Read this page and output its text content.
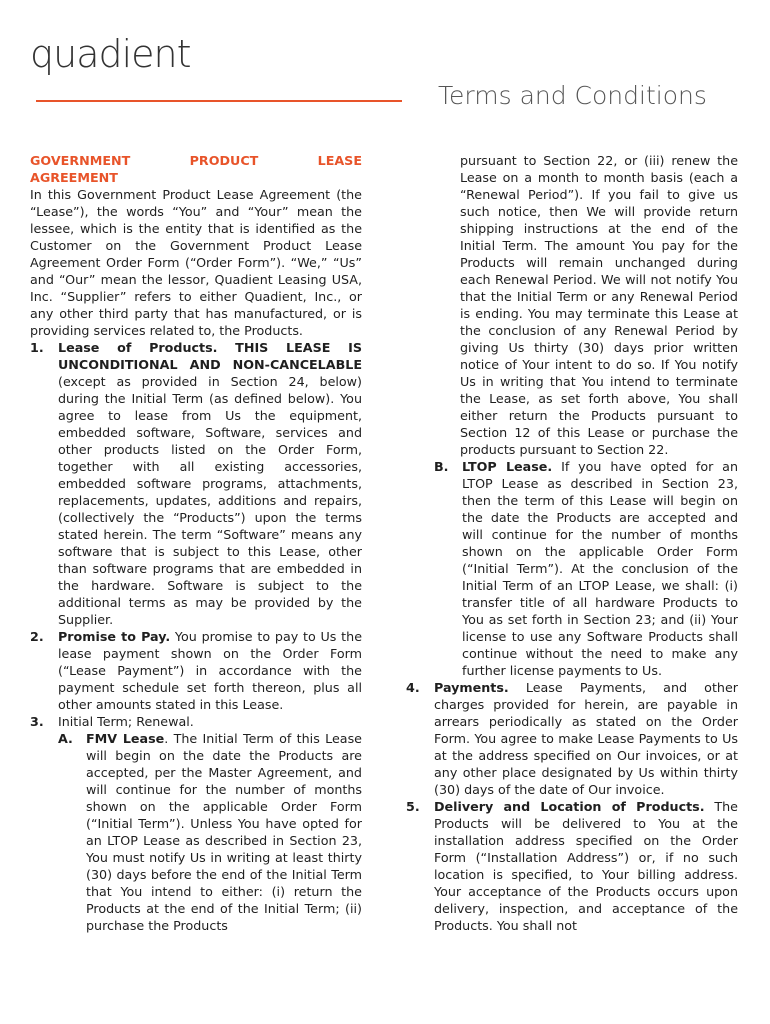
quadient
Terms and Conditions

GOVERNMENT PRODUCT LEASE

AGREEMENT

In this Government Product Lease Agreement (the “Lease”), the words “You” and “Your” mean the lessee, which is the entity that is identified as the Customer on the Government Product Lease Agreement Order Form (“Order Form”). “We,” “Us” and “Our” mean the lessor, Quadient Leasing USA, Inc. “Supplier” refers to either Quadient, Inc., or any other third party that has manufactured, or is providing services related to, the Products.

1.	Lease of Products. THIS LEASE IS UNCONDITIONAL AND NON-CANCELABLE (except as provided in Section 24, below) during the Initial Term (as defined below). You agree to lease from Us the equipment, embedded software, Software, services and other products listed on the Order Form, together with all existing accessories, embedded software programs, attachments, replacements, updates, additions and repairs, (collectively the “Products”) upon the terms stated herein. The term “Software” means any software that is subject to this Lease, other than software programs that are embedded in the hardware. Software is subject to the additional terms as may be provided by the Supplier.
2.	Promise to Pay. You promise to pay to Us the lease payment shown on the Order Form (“Lease Payment”) in accordance with the payment schedule set forth thereon, plus all other amounts stated in this Lease.
3.	Initial Term; Renewal.
A.	FMV Lease. The Initial Term of this Lease will begin on the date the Products are accepted, per the Master Agreement, and will continue for the number of months shown on the applicable Order Form (“Initial Term”). Unless You have opted for an LTOP Lease as described in Section 23, You must notify Us in writing at least thirty (30) days before the end of the Initial Term that You intend to either: (i) return the Products at the end of the Initial Term; (ii) purchase the Products

pursuant to Section 22, or (iii) renew the Lease on a month to month basis (each a “Renewal Period”). If you fail to give us such notice, then We will provide return shipping instructions at the end of the Initial Term. The amount You pay for the Products will remain unchanged during each Renewal Period. We will not notify You that the Initial Term or any Renewal Period is ending. You may terminate this Lease at the conclusion of any Renewal Period by giving Us thirty (30) days prior written notice of Your intent to do so. If You notify Us in writing that You intend to terminate the Lease, as set forth above, You shall either return the Products pursuant to Section 12 of this Lease or purchase the products pursuant to Section 22.

B.	LTOP Lease. If you have opted for an LTOP Lease as described in Section 23, then the term of this Lease will begin on the date the Products are accepted and will continue for the number of months shown on the applicable Order Form (“Initial Term”). At the conclusion of the Initial Term of an LTOP Lease, we shall: (i) transfer title of all hardware Products to You as set forth in Section 23; and (ii) Your license to use any Software Products shall continue without the need to make any further license payments to Us.
4.	Payments. Lease Payments, and other charges provided for herein, are payable in arrears periodically as stated on the Order Form. You agree to make Lease Payments to Us at the address specified on Our invoices, or at any other place designated by Us within thirty (30) days of the date of Our invoice.
5.	Delivery and Location of Products. The Products will be delivered to You at the installation address specified on the Order Form (“Installation Address”) or, if no such location is specified, to Your billing address. Your acceptance of the Products occurs upon delivery, inspection, and acceptance of the Products. You shall not
